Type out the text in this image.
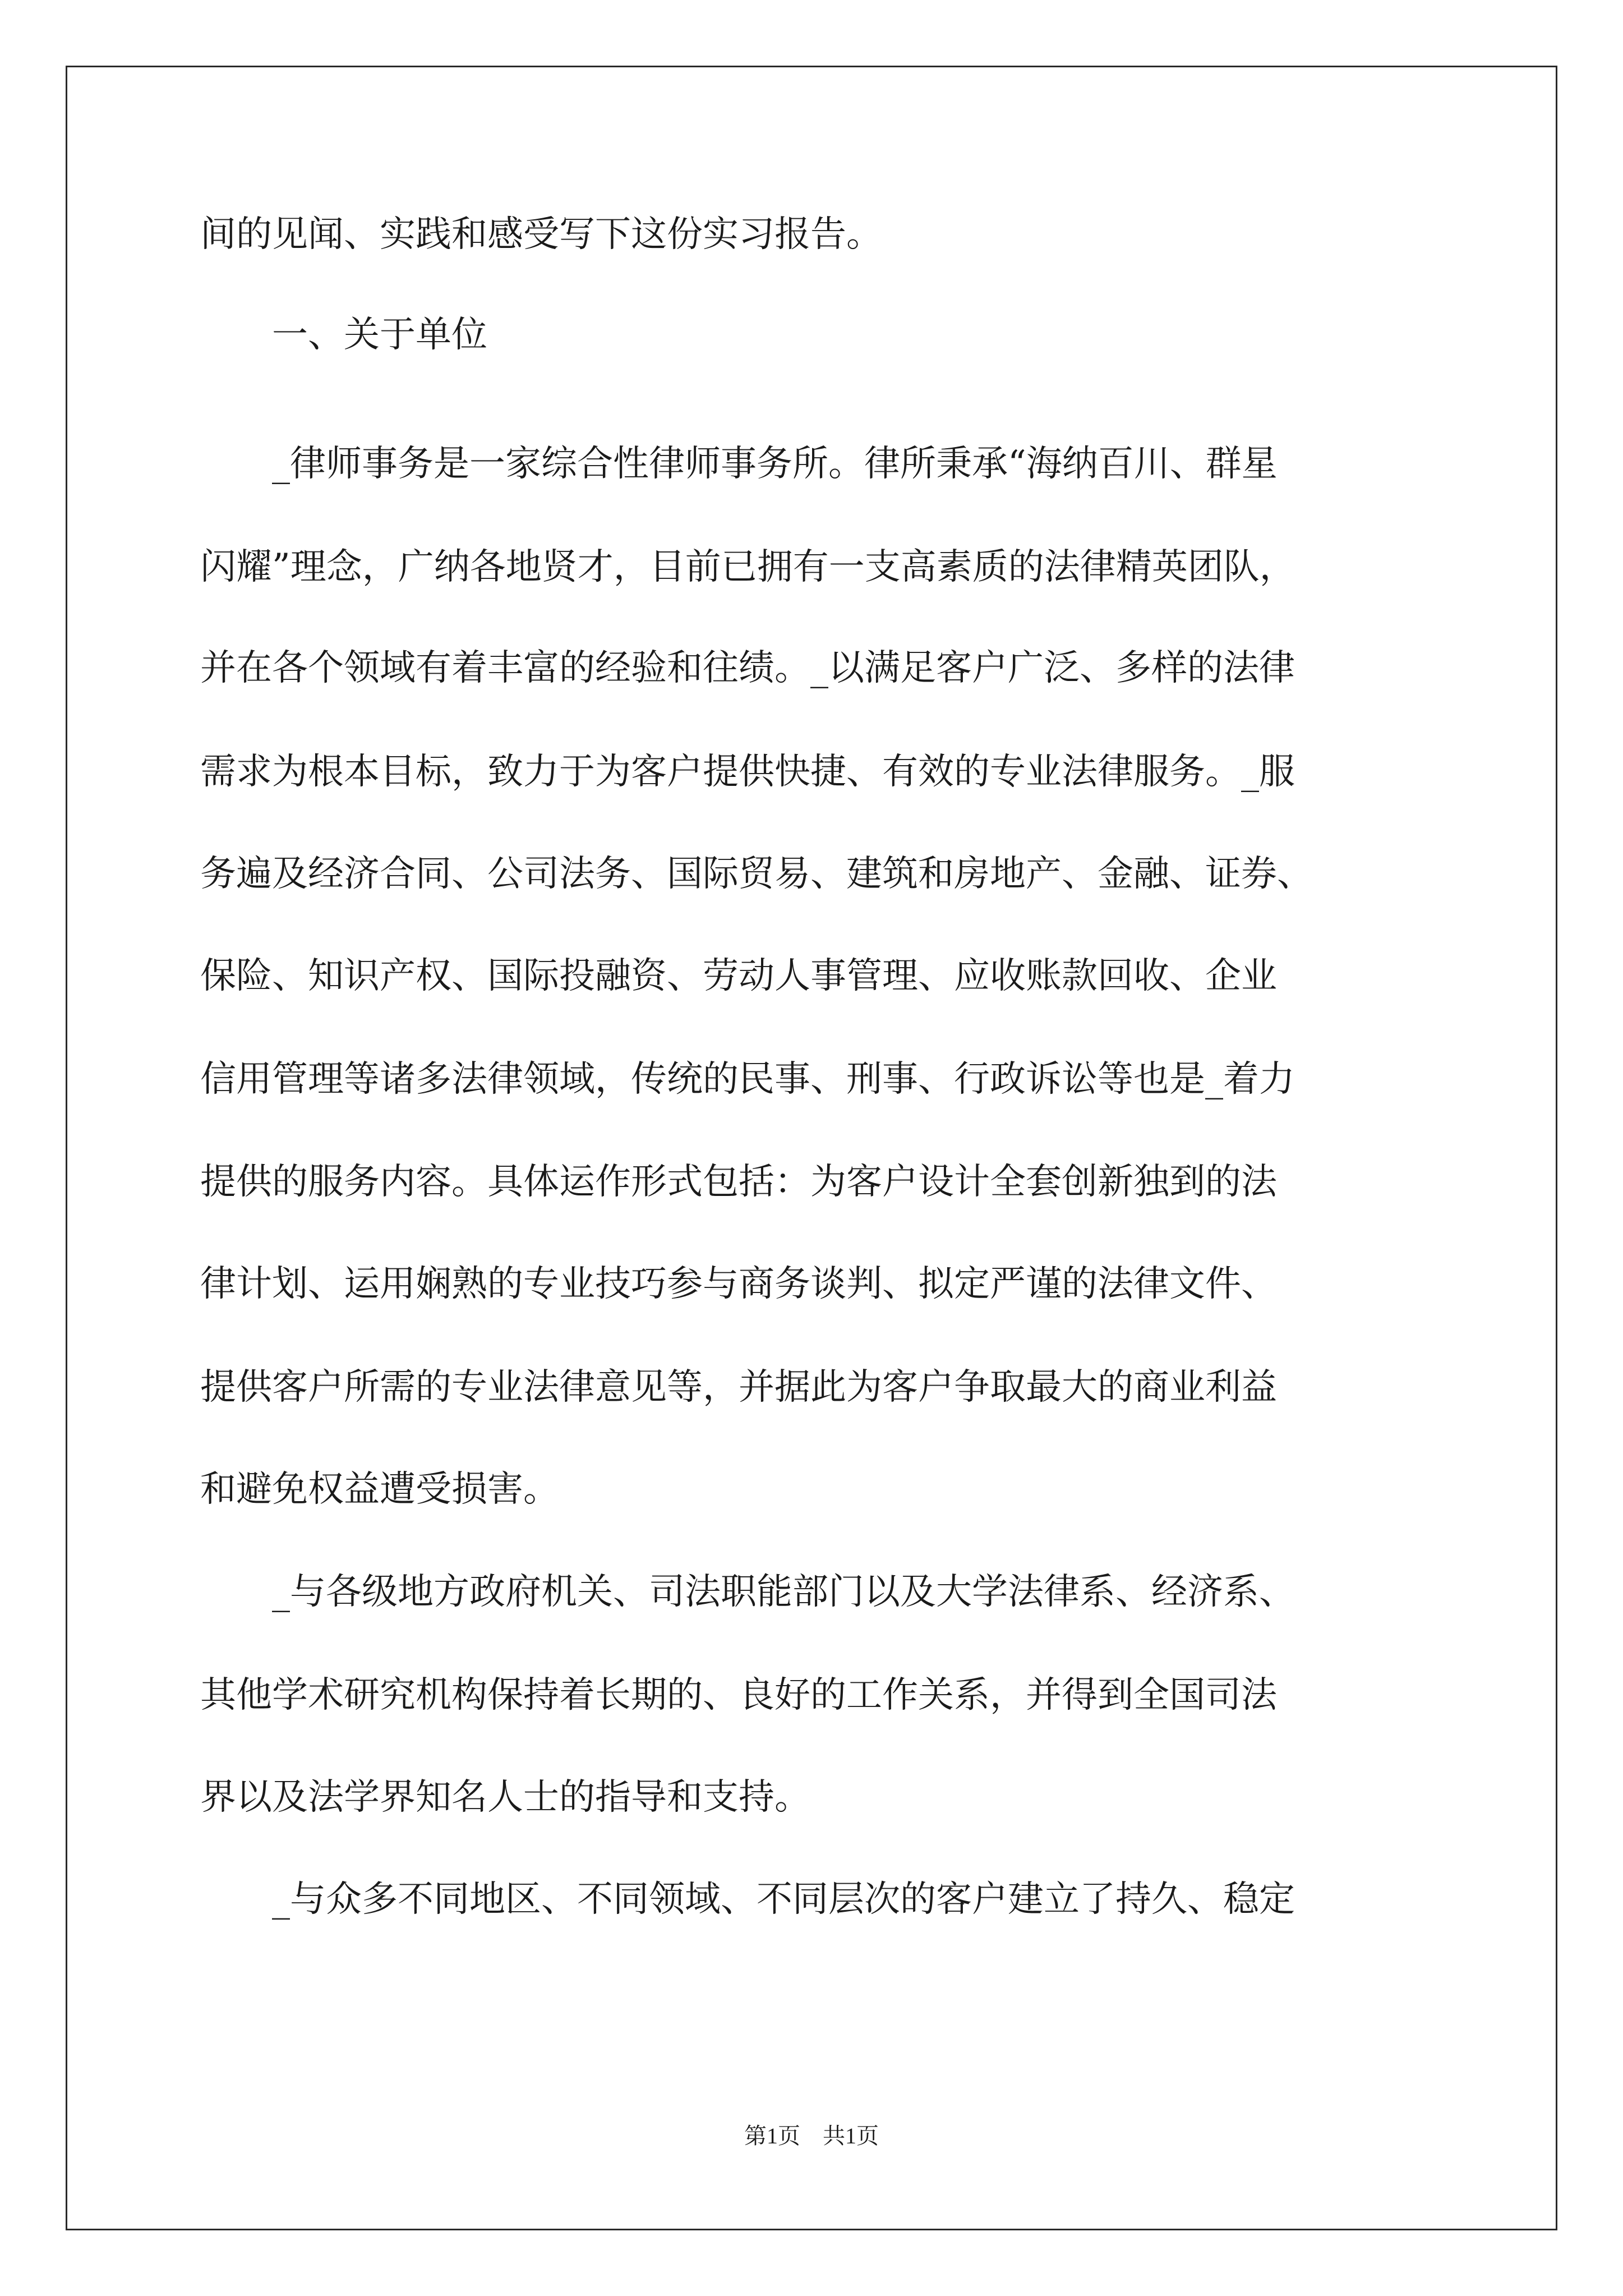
间的见闻、实践和感受写下这份实习报告。

　　一、关于单位

　　_律师事务是一家综合性律师事务所。律所秉承“海纳百川、群星

闪耀”理念，广纳各地贤才，目前已拥有一支高素质的法律精英团队，

并在各个领域有着丰富的经验和往绩。_以满足客户广泛、多样的法律

需求为根本目标，致力于为客户提供快捷、有效的专业法律服务。_服

务遍及经济合同、公司法务、国际贸易、建筑和房地产、金融、证券、

保险、知识产权、国际投融资、劳动人事管理、应收账款回收、企业

信用管理等诸多法律领域，传统的民事、刑事、行政诉讼等也是_着力

提供的服务内容。具体运作形式包括：为客户设计全套创新独到的法

律计划、运用娴熟的专业技巧参与商务谈判、拟定严谨的法律文件、

提供客户所需的专业法律意见等，并据此为客户争取最大的商业利益

和避免权益遭受损害。

　　_与各级地方政府机关、司法职能部门以及大学法律系、经济系、

其他学术研究机构保持着长期的、良好的工作关系，并得到全国司法

界以及法学界知名人士的指导和支持。

　　_与众多不同地区、不同领域、不同层次的客户建立了持久、稳定

第1页　共1页
